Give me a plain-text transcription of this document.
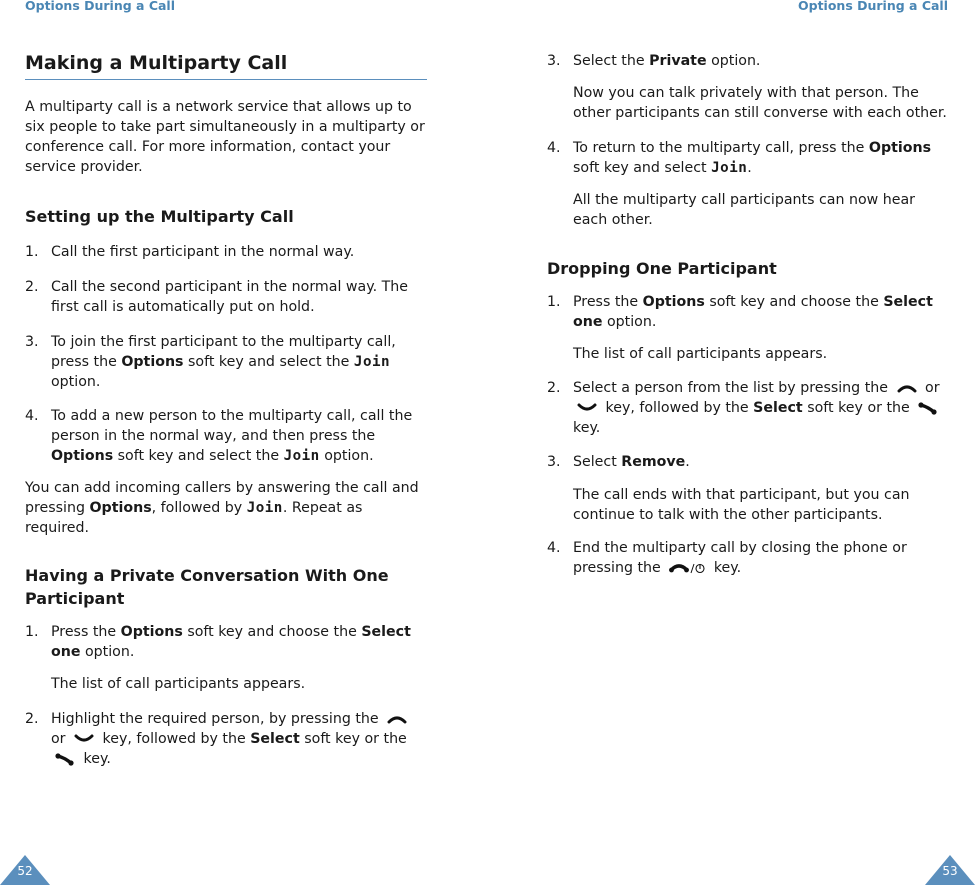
Options During a Call	Options During a Call
Making a Multiparty Call

A multiparty call is a network service that allows up to six people to take part simultaneously in a multiparty or conference call. For more information, contact your service provider.

Setting up the Multiparty Call
1. Call the first participant in the normal way.
2. Call the second participant in the normal way. The first call is automatically put on hold.
3. To join the first participant to the multiparty call, press the Options soft key and select the Join option.
4. To add a new person to the multiparty call, call the person in the normal way, and then press the Options soft key and select the Join option.

You can add incoming callers by answering the call and pressing Options, followed by Join. Repeat as required.

Having a Private Conversation With One Participant
1. Press the Options soft key and choose the Select one option.

The list of call participants appears.

2. Highlight the required person, by pressing the  or	key, followed by the Select soft key or the  key.
3. Select the Private option.

Now you can talk privately with that person. The other participants can still converse with each other.

4. To return to the multiparty call, press the Options soft key and select Join.

All the multiparty call participants can now hear each other.

Dropping One Participant
1. Press the Options soft key and choose the Select one option.

The list of call participants appears.

2. Select a person from the list by pressing the	or  key, followed by the Select soft key or the  key.
3. Select Remove.

The call ends with that participant, but you can continue to talk with the other participants.

4. End the multiparty call by closing the phone or pressing the	key.
52	53
